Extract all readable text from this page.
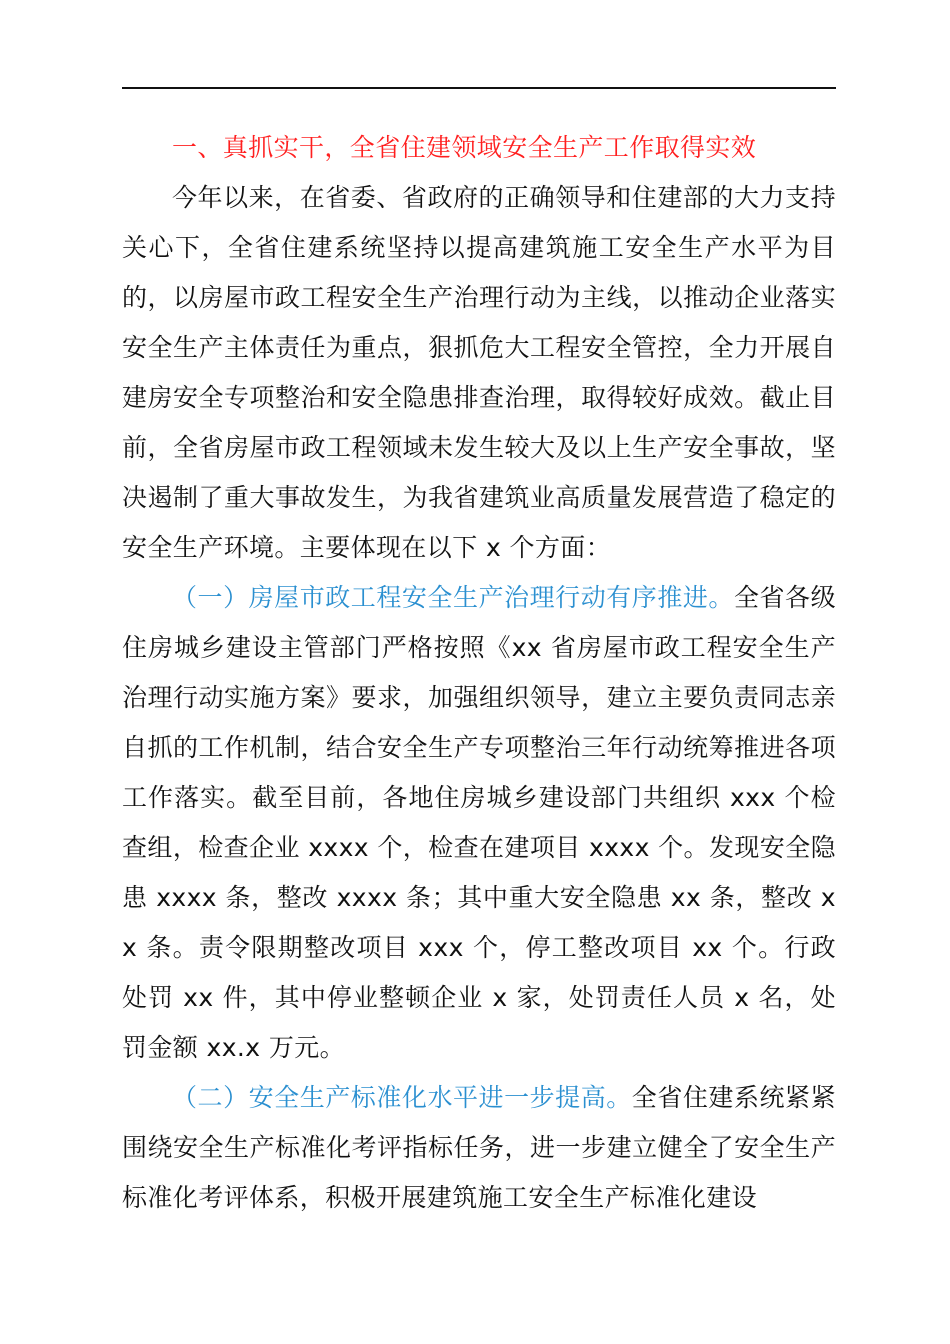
一、真抓实干，全省住建领域安全生产工作取得实效

今年以来，在省委、省政府的正确领导和住建部的大力支持关心下，全省住建系统坚持以提高建筑施工安全生产水平为目的，以房屋市政工程安全生产治理行动为主线，以推动企业落实安全生产主体责任为重点，狠抓危大工程安全管控，全力开展自建房安全专项整治和安全隐患排查治理，取得较好成效。截止目前，全省房屋市政工程领域未发生较大及以上生产安全事故，坚决遏制了重大事故发生，为我省建筑业高质量发展营造了稳定的安全生产环境。主要体现在以下 x 个方面：

（一）房屋市政工程安全生产治理行动有序推进。全省各级住房城乡建设主管部门严格按照《xx 省房屋市政工程安全生产治理行动实施方案》要求，加强组织领导，建立主要负责同志亲自抓的工作机制，结合安全生产专项整治三年行动统筹推进各项工作落实。截至目前，各地住房城乡建设部门共组织 xxx 个检查组，检查企业 xxxx 个，检查在建项目 xxxx 个。发现安全隐患 xxxx 条，整改 xxxx 条；其中重大安全隐患 xx 条，整改 xx 条。责令限期整改项目 xxx 个，停工整改项目 xx 个。行政处罚 xx 件，其中停业整顿企业 x 家，处罚责任人员 x 名，处罚金额 xx.x 万元。

（二）安全生产标准化水平进一步提高。全省住建系统紧紧围绕安全生产标准化考评指标任务，进一步建立健全了安全生产标准化考评体系，积极开展建筑施工安全生产标准化建设
